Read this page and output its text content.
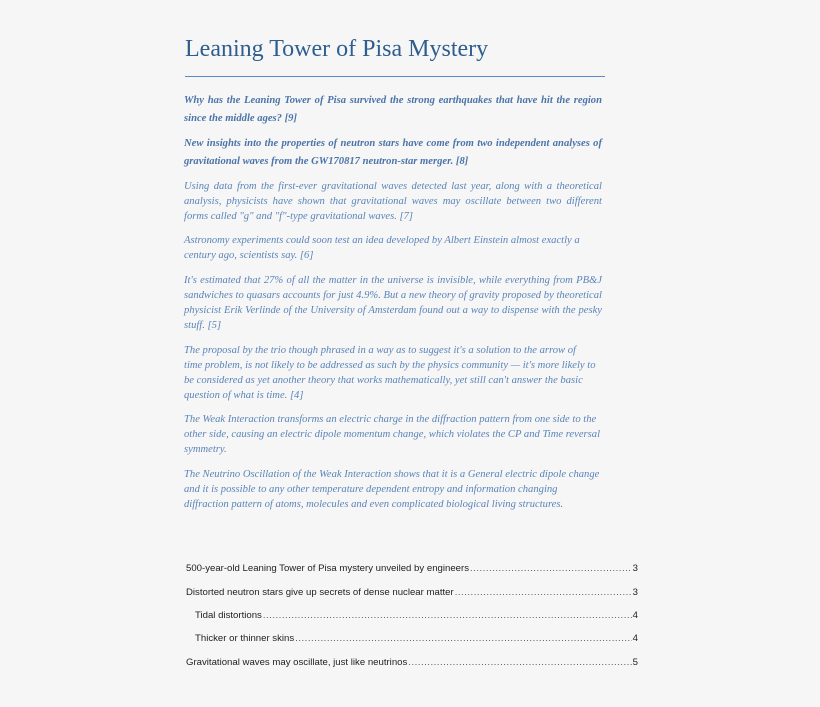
Leaning Tower of Pisa Mystery

Why has the Leaning Tower of Pisa survived the strong earthquakes that have hit the region since the middle ages? [9]

New insights into the properties of neutron stars have come from two independent analyses of gravitational waves from the GW170817 neutron-star merger. [8]

Using data from the first-ever gravitational waves detected last year, along with a theoretical analysis, physicists have shown that gravitational waves may oscillate between two different forms called "g" and "f"-type gravitational waves. [7]

Astronomy experiments could soon test an idea developed by Albert Einstein almost exactly a century ago, scientists say. [6]

It's estimated that 27% of all the matter in the universe is invisible, while everything from PB&J sandwiches to quasars accounts for just 4.9%. But a new theory of gravity proposed by theoretical physicist Erik Verlinde of the University of Amsterdam found out a way to dispense with the pesky stuff. [5]

The proposal by the trio though phrased in a way as to suggest it's a solution to the arrow of time problem, is not likely to be addressed as such by the physics community — it's more likely to be considered as yet another theory that works mathematically, yet still can't answer the basic question of what is time. [4]

The Weak Interaction transforms an electric charge in the diffraction pattern from one side to the other side, causing an electric dipole momentum change, which violates the CP and Time reversal symmetry.

The Neutrino Oscillation of the Weak Interaction shows that it is a General electric dipole change and it is possible to any other temperature dependent entropy and information changing diffraction pattern of atoms, molecules and even complicated biological living structures.

500-year-old Leaning Tower of Pisa mystery unveiled by engineers .....	3
Distorted neutron stars give up secrets of dense nuclear matter .....	3
Tidal distortions .....	4
Thicker or thinner skins .....	4
Gravitational waves may oscillate, just like neutrinos .....	5
